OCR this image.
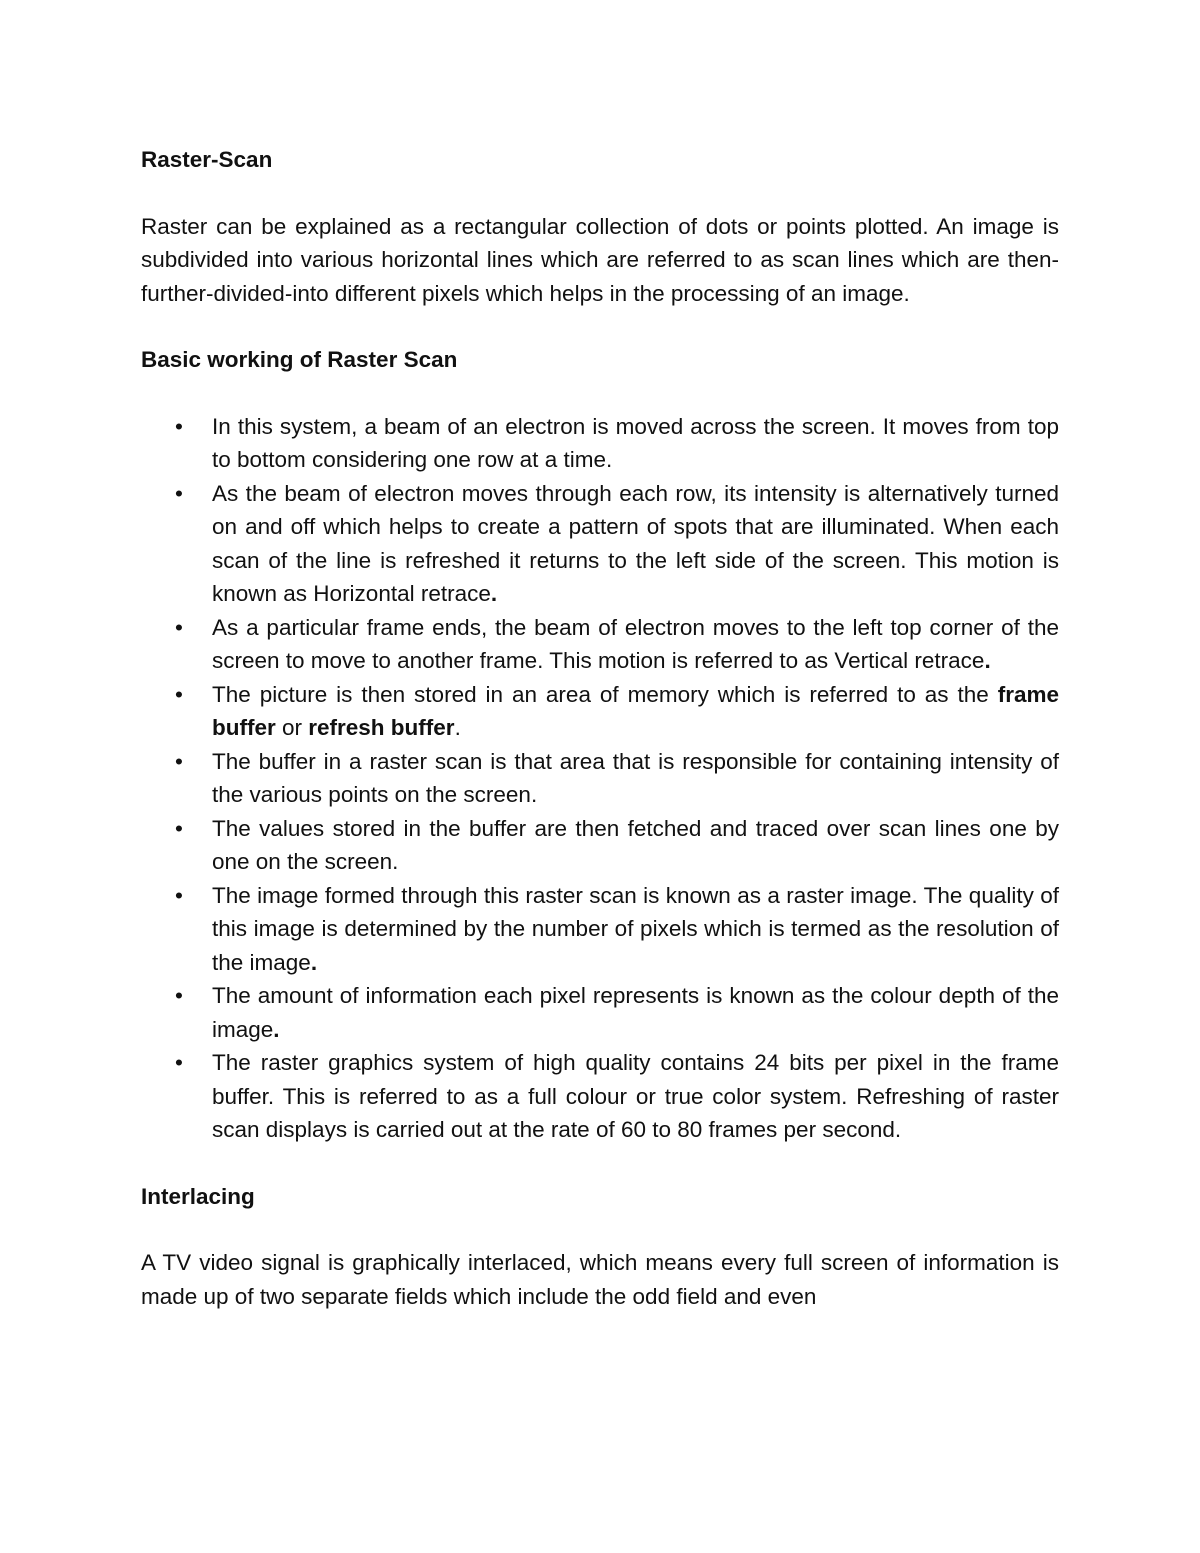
Raster-Scan

Raster can be explained as a rectangular collection of dots or points plotted. An image is subdivided into various horizontal lines which are referred to as scan lines which are then-further-divided-into different pixels which helps in the processing of an image.

Basic working of Raster Scan
• In this system, a beam of an electron is moved across the screen. It moves from top to bottom considering one row at a time.
• As the beam of electron moves through each row, its intensity is alternatively turned on and off which helps to create a pattern of spots that are illuminated. When each scan of the line is refreshed it returns to the left side of the screen. This motion is known as Horizontal retrace.
• As a particular frame ends, the beam of electron moves to the left top corner of the screen to move to another frame. This motion is referred to as Vertical retrace.
• The picture is then stored in an area of memory which is referred to as the frame buffer or refresh buffer.
• The buffer in a raster scan is that area that is responsible for containing intensity of the various points on the screen.
• The values stored in the buffer are then fetched and traced over scan lines one by one on the screen.
• The image formed through this raster scan is known as a raster image. The quality of this image is determined by the number of pixels which is termed as the resolution of the image.
• The amount of information each pixel represents is known as the colour depth of the image.
• The raster graphics system of high quality contains 24 bits per pixel in the frame buffer. This is referred to as a full colour or true color system. Refreshing of raster scan displays is carried out at the rate of 60 to 80 frames per second.
Interlacing

A TV video signal is graphically interlaced, which means every full screen of information is made up of two separate fields which include the odd field and even
